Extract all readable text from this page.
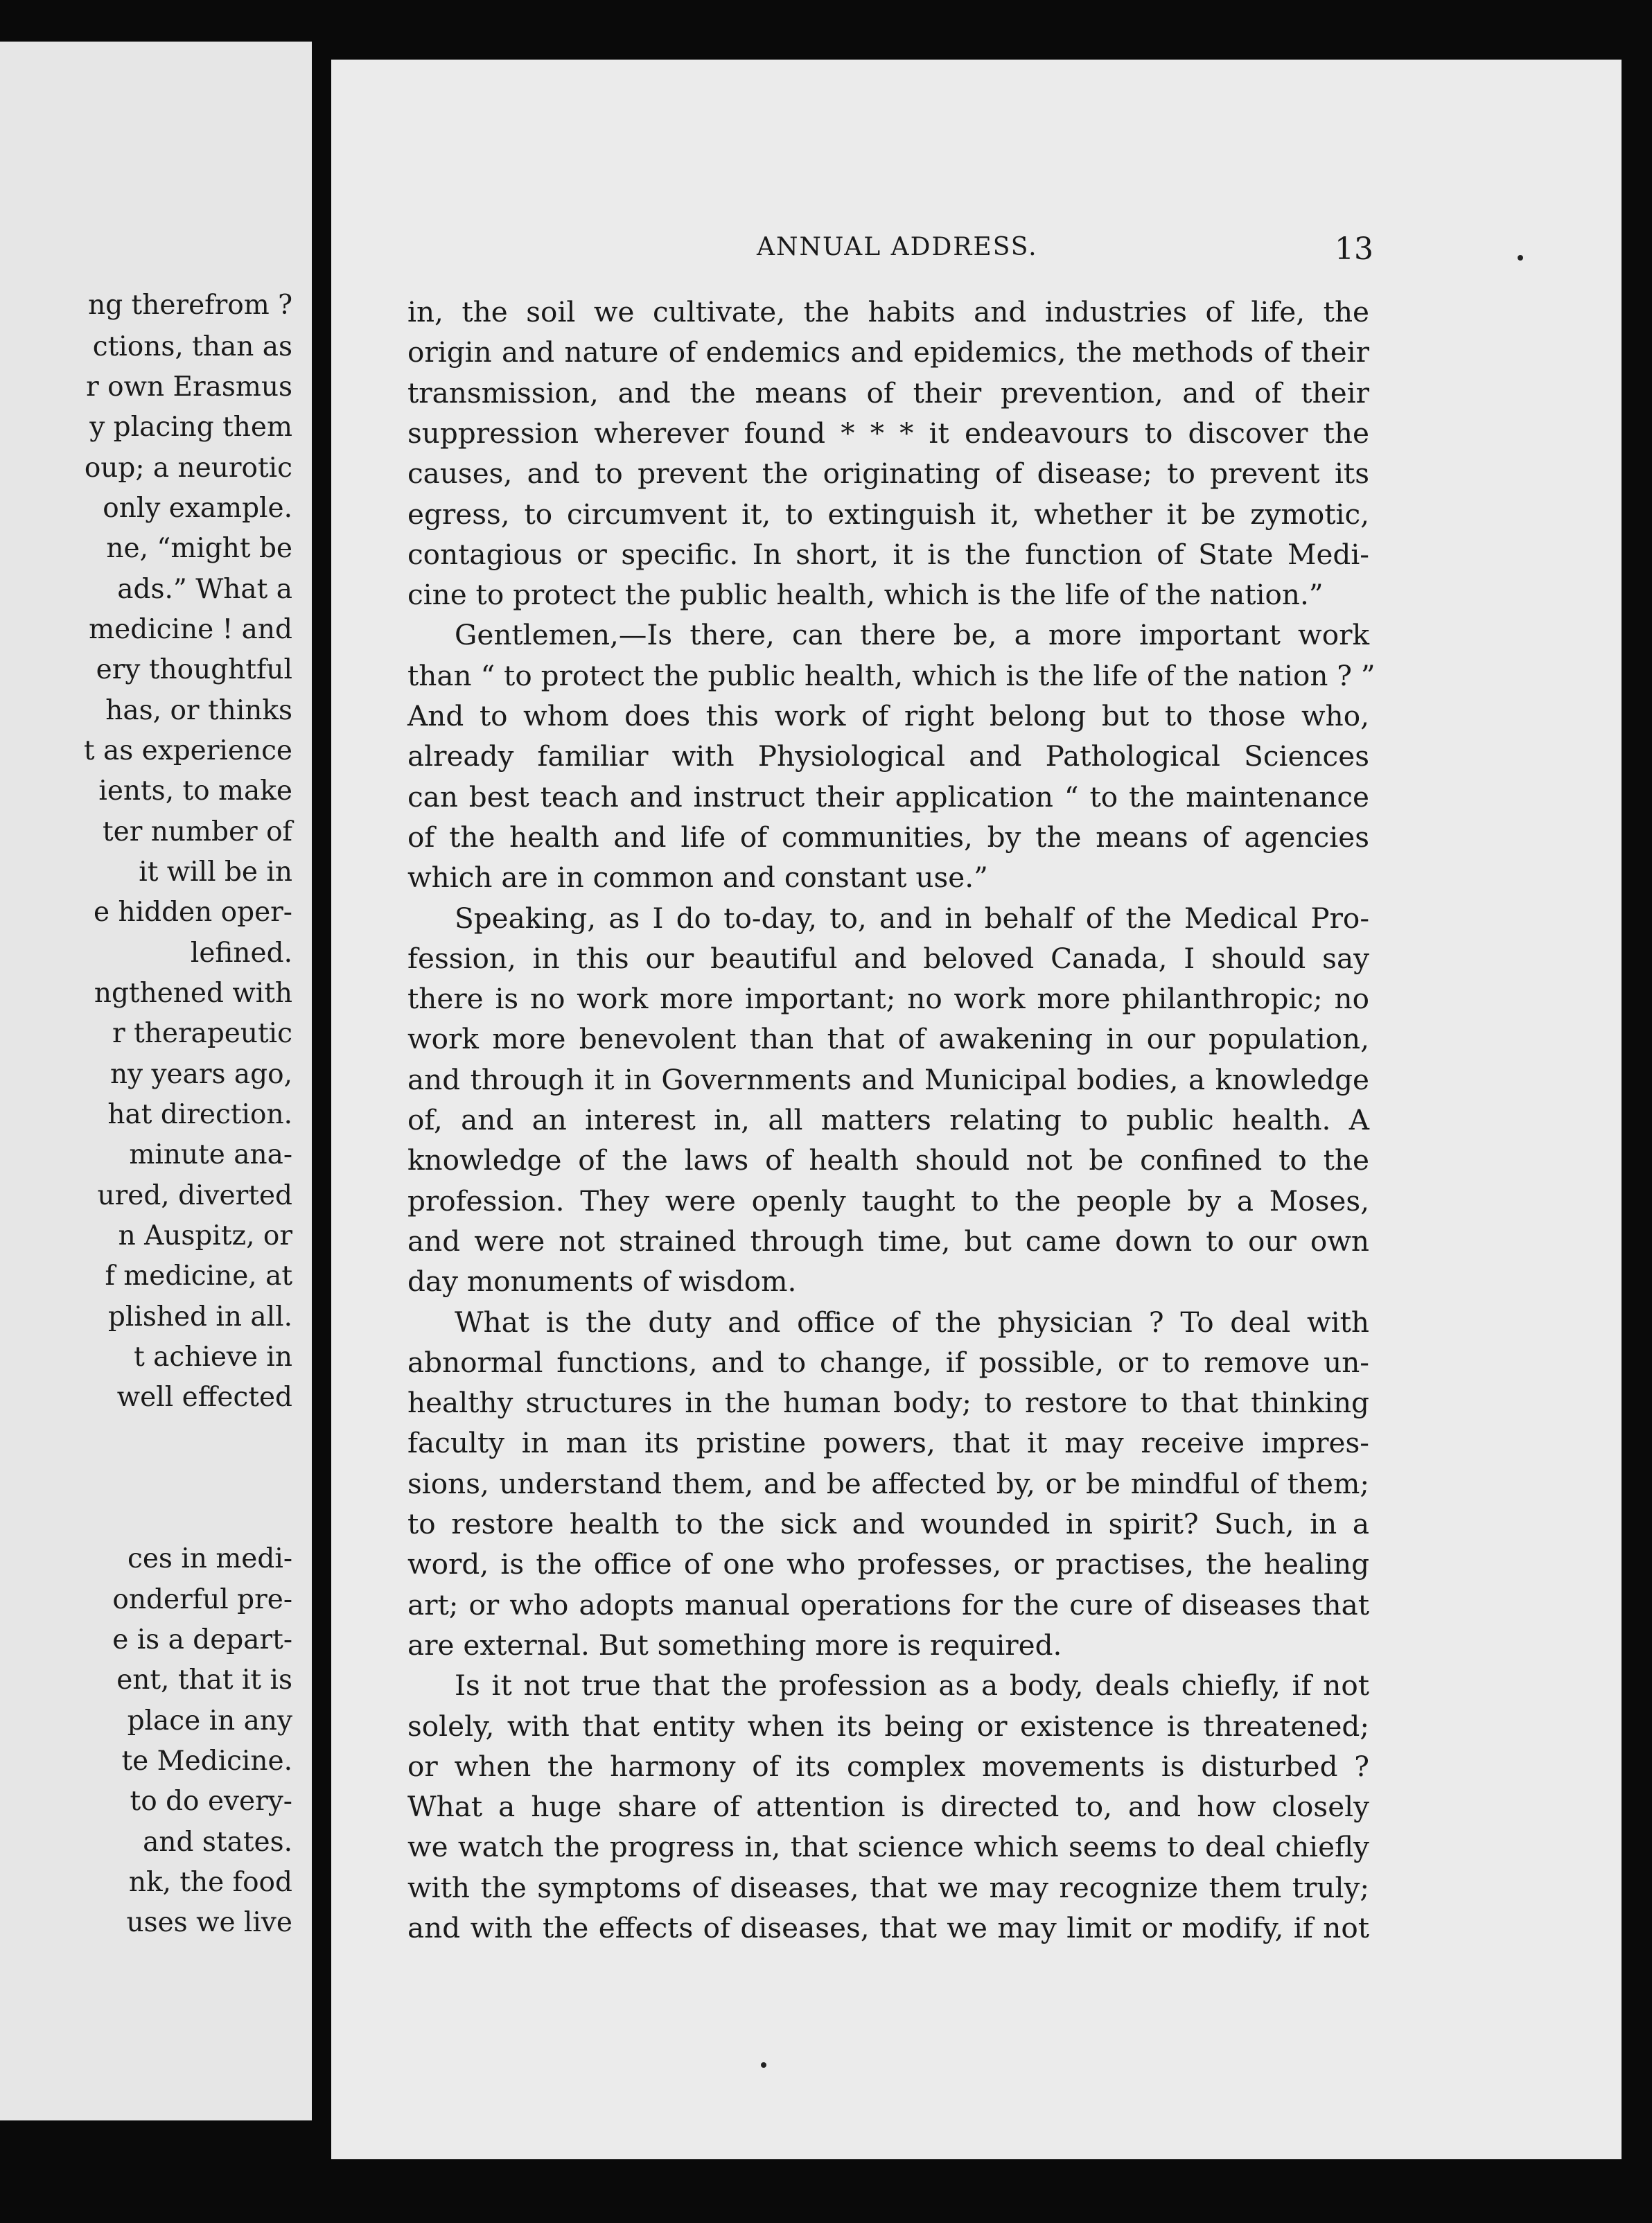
ng therefrom ?
ctions, than as
r own Erasmus
y placing them
oup; a neurotic
only example.
ne, “might be
ads.” What a
medicine ! and
ery thoughtful
has, or thinks
t as experience
ients, to make
ter number of
it will be in
e hidden oper-
lefined.
ngthened with
r therapeutic
ny years ago,
hat direction.
minute ana-
ured, diverted
n Auspitz, or
f medicine, at
plished in all.
t achieve in
well effected
ces in medi-
onderful pre-
e is a depart-
ent, that it is
place in any
te Medicine.
to do every-
and states.
nk, the food
uses we live
ANNUAL ADDRESS.	13
in, the soil we cultivate, the habits and industries of life, the
origin and nature of endemics and epidemics, the methods of their
transmission, and the means of their prevention, and of their
suppression wherever found * * * it endeavours to discover the
causes, and to prevent the originating of disease; to prevent its
egress, to circumvent it, to extinguish it, whether it be zymotic,
contagious or specific. In short, it is the function of State Medi-
cine to protect the public health, which is the life of the nation.”
Gentlemen,—Is there, can there be, a more important work
than “ to protect the public health, which is the life of the nation ? ”
And to whom does this work of right belong but to those who,
already familiar with Physiological and Pathological Sciences
can best teach and instruct their application “ to the maintenance
of the health and life of communities, by the means of agencies
which are in common and constant use.”
Speaking, as I do to-day, to, and in behalf of the Medical Pro-
fession, in this our beautiful and beloved Canada, I should say
there is no work more important; no work more philanthropic; no
work more benevolent than that of awakening in our population,
and through it in Governments and Municipal bodies, a knowledge
of, and an interest in, all matters relating to public health. A
knowledge of the laws of health should not be confined to the
profession. They were openly taught to the people by a Moses,
and were not strained through time, but came down to our own
day monuments of wisdom.
What is the duty and office of the physician ? To deal with
abnormal functions, and to change, if possible, or to remove un-
healthy structures in the human body; to restore to that thinking
faculty in man its pristine powers, that it may receive impres-
sions, understand them, and be affected by, or be mindful of them;
to restore health to the sick and wounded in spirit? Such, in a
word, is the office of one who professes, or practises, the healing
art; or who adopts manual operations for the cure of diseases that
are external. But something more is required.
Is it not true that the profession as a body, deals chiefly, if not
solely, with that entity when its being or existence is threatened;
or when the harmony of its complex movements is disturbed ?
What a huge share of attention is directed to, and how closely
we watch the progress in, that science which seems to deal chiefly
with the symptoms of diseases, that we may recognize them truly;
and with the effects of diseases, that we may limit or modify, if not
